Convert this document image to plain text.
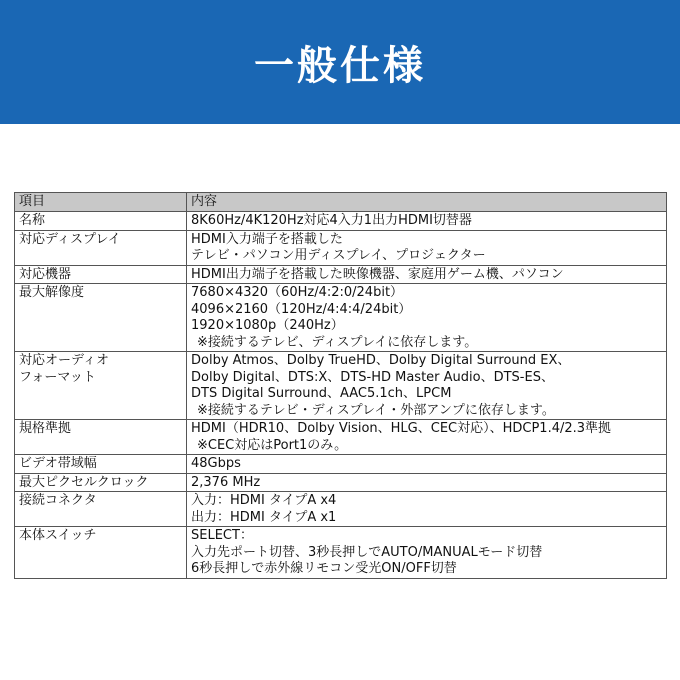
一般仕様
項目	内容

名称	8K60Hz/4K120Hz対応4入力1出力HDMI切替器

対応ディスプレイ	HDMI入力端子を搭載した
テレビ・パソコン用ディスプレイ、プロジェクター

対応機器	HDMI出力端子を搭載した映像機器、家庭用ゲーム機、パソコン

最大解像度	7680×4320（60Hz/4:2:0/24bit）
4096×2160（120Hz/4:4:4/24bit）
1920×1080p（240Hz）
※接続するテレビ、ディスプレイに依存します。

対応オーディオ
フォーマット	Dolby Atmos、Dolby TrueHD、Dolby Digital Surround EX、
Dolby Digital、DTS:X、DTS-HD Master Audio、DTS-ES、
DTS Digital Surround、AAC5.1ch、LPCM
※接続するテレビ・ディスプレイ・外部アンプに依存します。

規格準拠	HDMI（HDR10、Dolby Vision、HLG、CEC対応）、HDCP1.4/2.3準拠
※CEC対応はPort1のみ。

ビデオ帯域幅	48Gbps

最大ピクセルクロック	2,376 MHz

接続コネクタ	入力：HDMI タイプA x4
出力：HDMI タイプA x1

本体スイッチ	SELECT：
入力先ポート切替、3秒長押しでAUTO/MANUALモード切替
6秒長押しで赤外線リモコン受光ON/OFF切替
